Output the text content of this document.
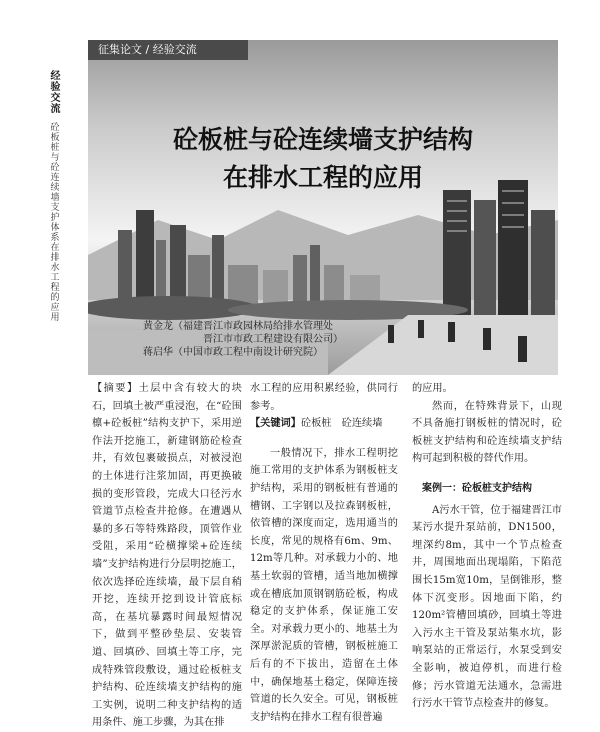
经验交流
砼板桩与砼连续墙支护体系在排水工程的应用
征集论文 / 经验交流
砼板桩与砼连续墙支护结构
在排水工程的应用
黄金龙（福建晋江市政园林局给排水管理处
晋江市市政工程建设有限公司）
蒋启华（中国市政工程中南设计研究院）

【摘要】土层中含有较大的块石，回填土被严重浸泡，在“砼围檩+砼板桩”结构支护下，采用逆作法开挖施工，新建钢筋砼检查井，有效包裹破损点，对被浸泡的土体进行注浆加固，再更换破损的变形管段，完成大口径污水管道节点检查井抢修。在遭遇从暴的多石等特殊路段，顶管作业受阻，采用“砼横撑梁+砼连续墙”支护结构进行分层明挖施工，依次选择砼连续墙，最下层自稍开挖，连续开挖到设计管底标高，在基坑暴露时间最短情况下，做到平整砂垫层、安装管道、回填砂、回填土等工序，完成特殊管段敷设，通过砼板桩支护结构、砼连续墙支护结构的施工实例，说明二种支护结构的适用条件、施工步骤，为其在排

水工程的应用积累经验，供同行参考。

【关键词】砼板桩　砼连续墙

一般情况下，排水工程明挖施工常用的支护体系为钢板桩支护结构，采用的钢板桩有普通的槽钢、工字钢以及拉森钢板桩，依管槽的深度而定，选用通当的长度，常见的规格有6m、9m、12m等几种。对承载力小的、地基土软弱的管槽，适当地加横撑或在槽底加顶钢钢筋砼板，构成稳定的支护体系，保证施工安全。对承载力更小的、地基土为深厚淤泥质的管槽，钢板桩施工后有的不下拔出，造留在土体中，确保地基土稳定，保障连接管道的长久安全。可见，钢板桩支护结构在排水工程有很普遍

的应用。

然而，在特殊背景下，山现不具备施打钢板桩的情况时，砼板桩支护结构和砼连续墙支护结构可起到积极的替代作用。

案例一：砼板桩支护结构

A污水干管，位于福建晋江市某污水提升泵站前，DN1500，埋深约8m，其中一个节点检查井，周围地面出现塌陷，下陷范围长15m宽10m，呈倒锥形，整体下沉变形。因地面下陷，约120m²管槽回填砂，回填土等进入污水主干管及泵站集水坑，影响泵站的正常运行，水泵受到安全影响，被迫停机，而进行检修；污水管道无法通水，急需进行污水干管节点检查井的修复。
